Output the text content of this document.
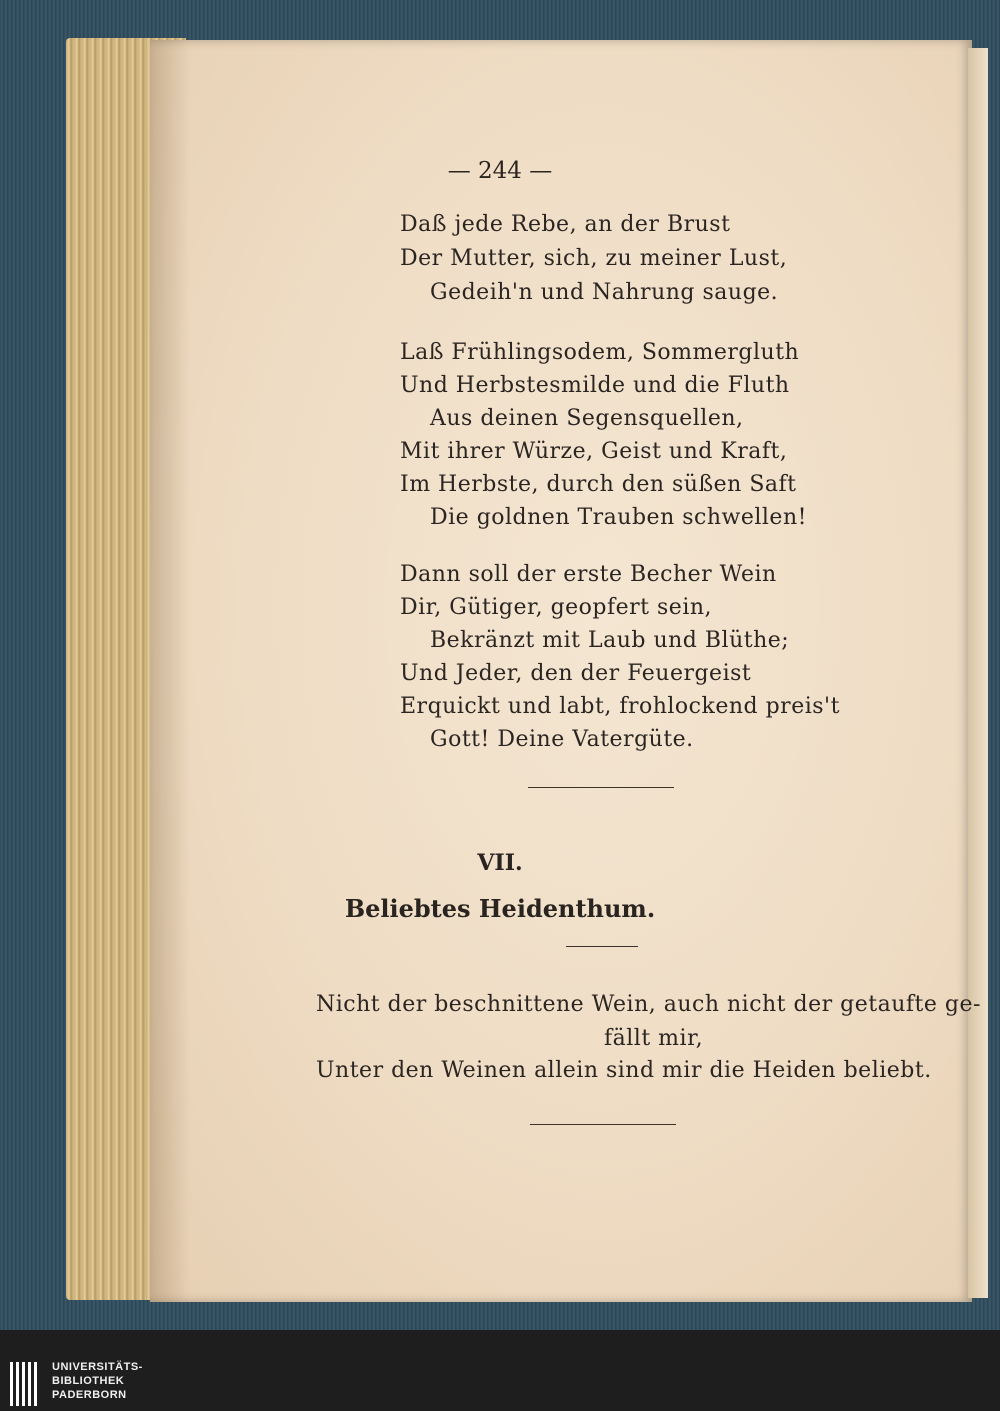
— 244 —
Daß jede Rebe, an der Brust
Der Mutter, sich, zu meiner Lust,
Gedeih'n und Nahrung sauge.
Laß Frühlingsodem, Sommergluth
Und Herbstesmilde und die Fluth
Aus deinen Segensquellen,
Mit ihrer Würze, Geist und Kraft,
Im Herbste, durch den süßen Saft
Die goldnen Trauben schwellen!
Dann soll der erste Becher Wein
Dir, Gütiger, geopfert sein,
Bekränzt mit Laub und Blüthe;
Und Jeder, den der Feuergeist
Erquickt und labt, frohlockend preis't
Gott! Deine Vatergüte.
VII.
Beliebtes Heidenthum.
Nicht der beschnittene Wein, auch nicht der getaufte ge-
fällt mir,
Unter den Weinen allein sind mir die Heiden beliebt.
UNIVERSITÄTS-
BIBLIOTHEK
PADERBORN
